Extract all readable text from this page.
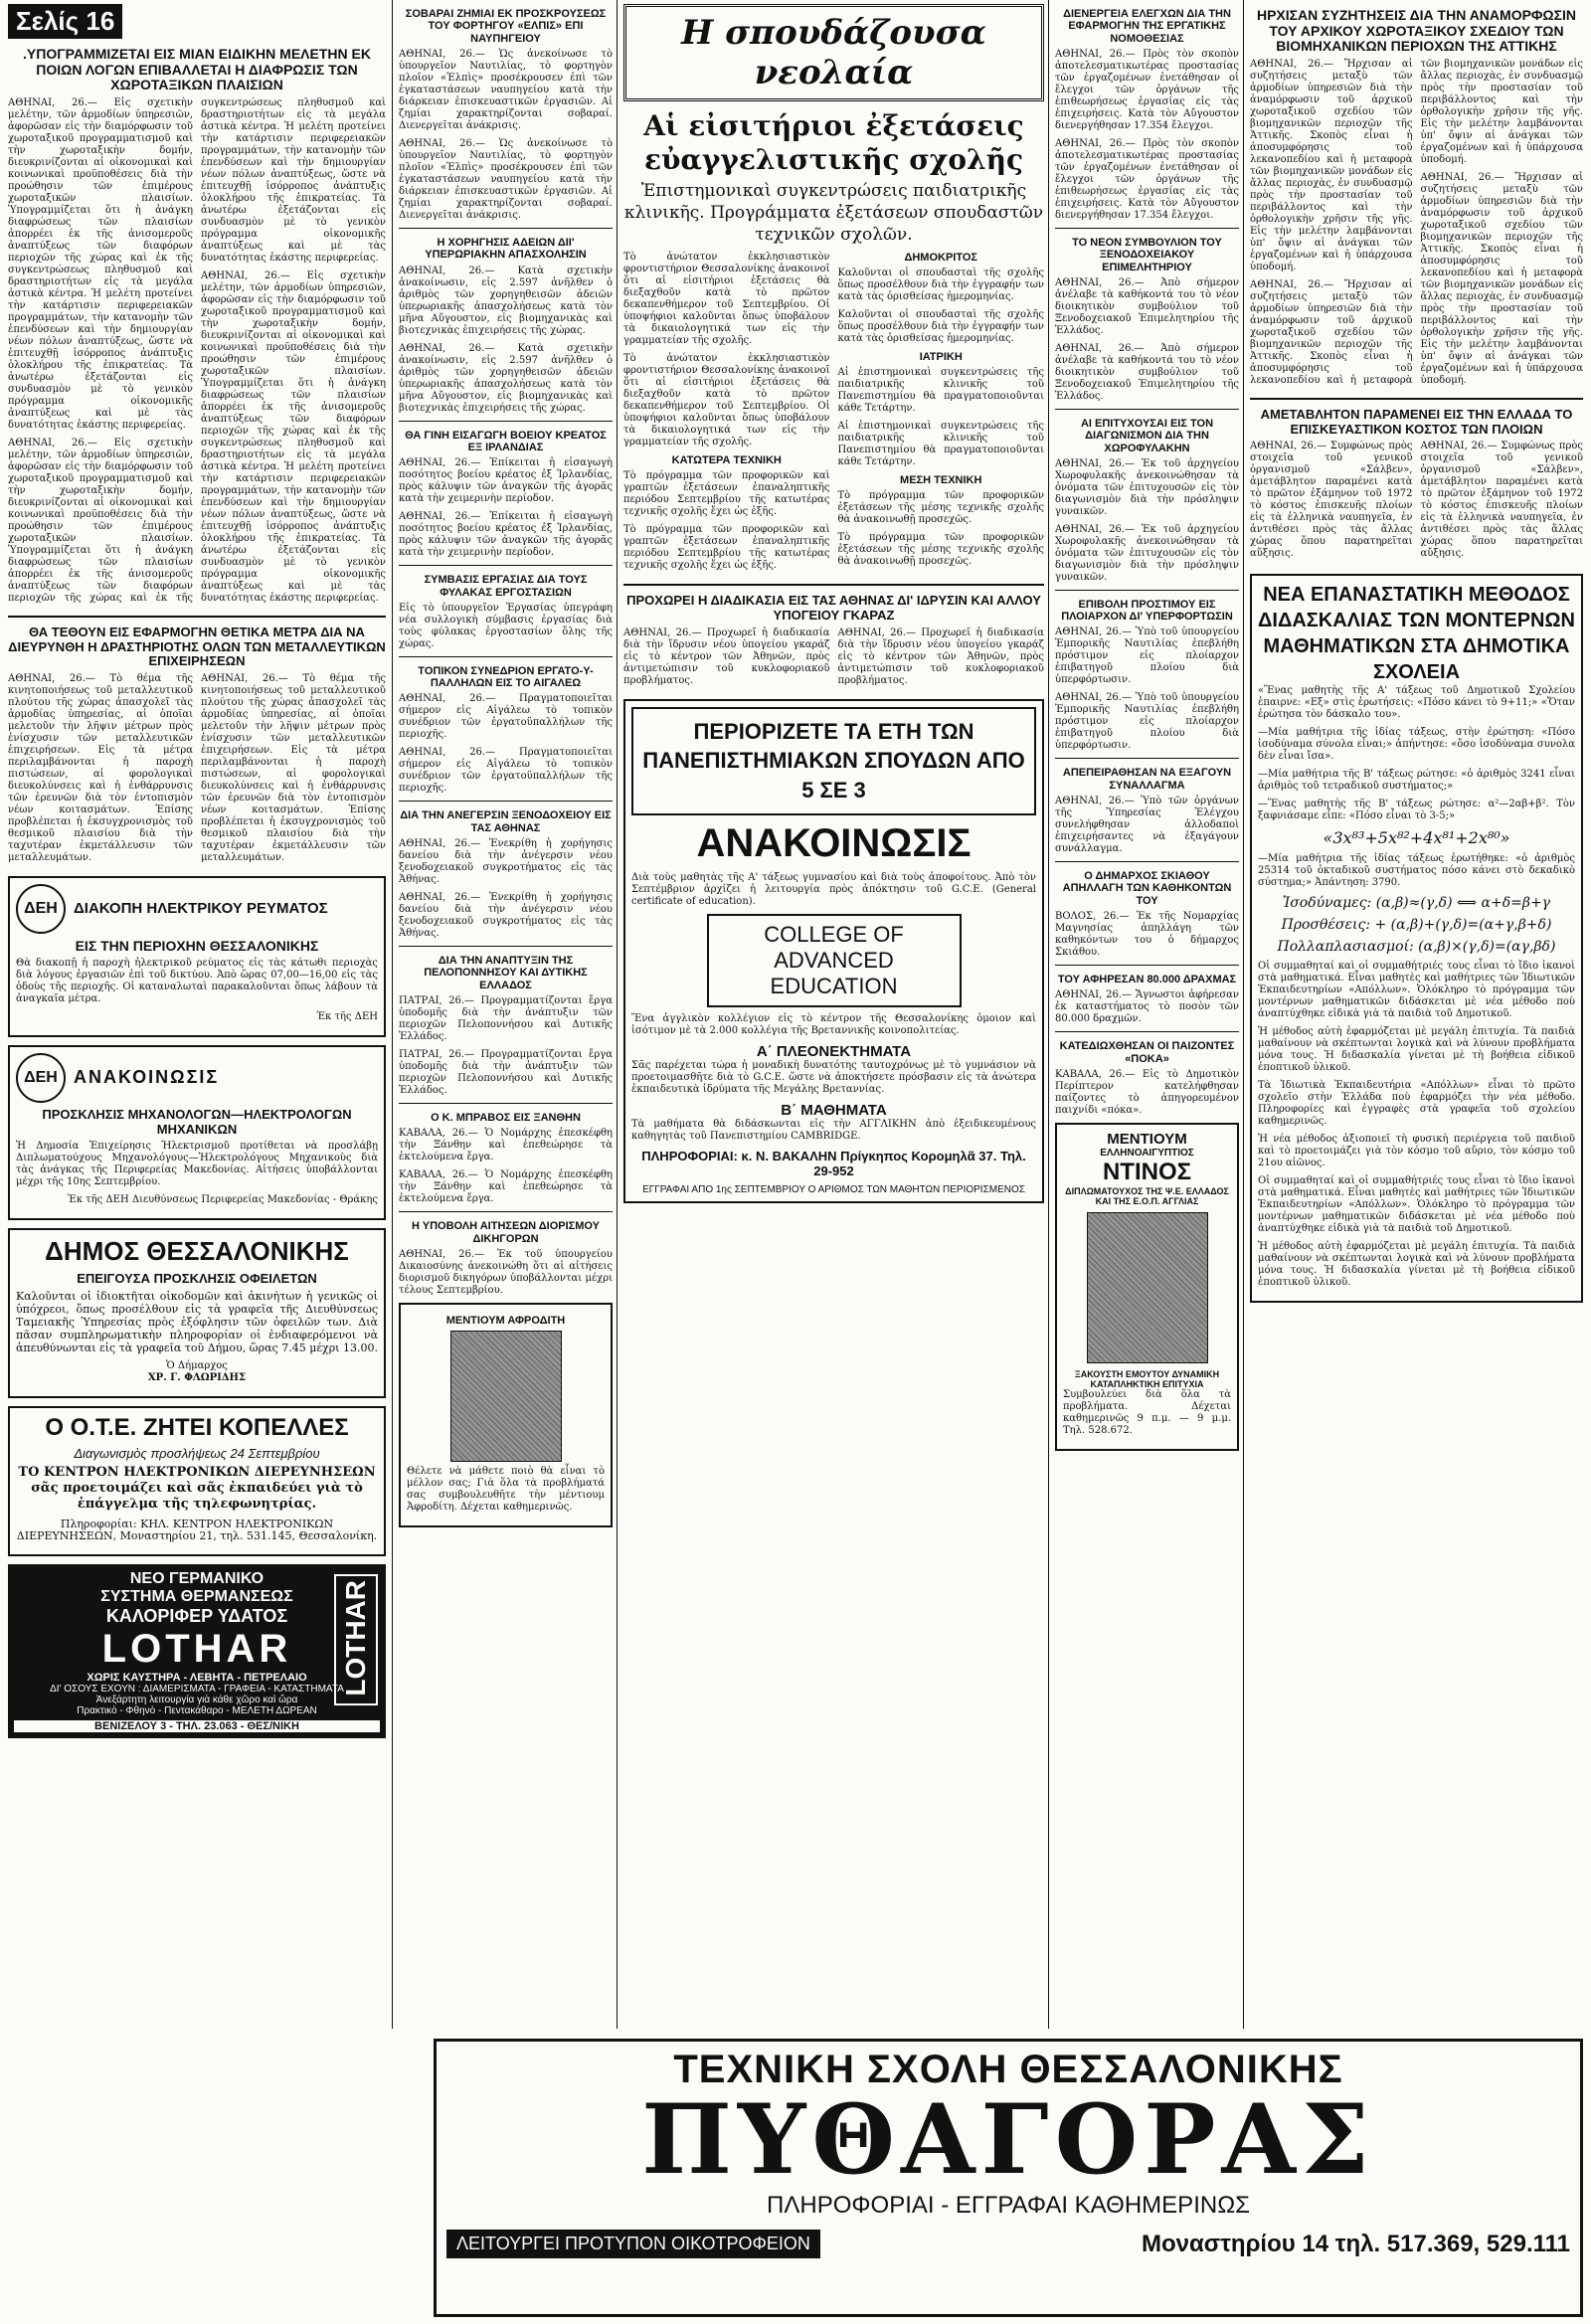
Σελίς 16
.ΥΠΟΓΡΑΜΜΙΖΕΤΑΙ ΕΙΣ ΜΙΑΝ ΕΙΔΙΚΗΝ ΜΕΛΕΤΗΝ ΕΚ ΠΟΙΩΝ ΛΟΓΩΝ ΕΠΙΒΑΛΛΕΤΑΙ Η ΔΙΑΦΡΩΣΙΣ ΤΩΝ ΧΩΡΟΤΑΞΙΚΩΝ ΠΛΑΙΣΙΩΝ

ΑΘΗΝΑΙ, 26.— Εἰς σχετικὴν μελέτην, τῶν ἁρμοδίων ὑπηρεσιῶν, ἀφορῶσαν εἰς τὴν διαμόρφωσιν τοῦ χωροταξικοῦ προγραμματισμοῦ καὶ τὴν χωροταξικὴν δομήν, διευκρινίζονται αἱ οἰκονομικαὶ καὶ κοινωνικαὶ προϋποθέσεις διὰ τὴν προώθησιν τῶν ἐπιμέρους χωροταξικῶν πλαισίων. Ὑπογραμμίζεται ὅτι ἡ ἀνάγκη διαφρώσεως τῶν πλαισίων ἀπορρέει ἐκ τῆς ἀνισομεροῦς ἀναπτύξεως τῶν διαφόρων περιοχῶν τῆς χώρας καὶ ἐκ τῆς συγκεντρώσεως πληθυσμοῦ καὶ δραστηριοτήτων εἰς τὰ μεγάλα ἀστικὰ κέντρα. Ἡ μελέτη προτείνει τὴν κατάρτισιν περιφερειακῶν προγραμμάτων, τὴν κατανομὴν τῶν ἐπενδύσεων καὶ τὴν δημιουργίαν νέων πόλων ἀναπτύξεως, ὥστε νὰ ἐπιτευχθῇ ἰσόρροπος ἀνάπτυξις ὁλοκλήρου τῆς ἐπικρατείας. Τὰ ἀνωτέρω ἐξετάζονται εἰς συνδυασμὸν μὲ τὸ γενικὸν πρόγραμμα οἰκονομικῆς ἀναπτύξεως καὶ μὲ τὰς δυνατότητας ἑκάστης περιφερείας.

ΑΘΗΝΑΙ, 26.— Εἰς σχετικὴν μελέτην, τῶν ἁρμοδίων ὑπηρεσιῶν, ἀφορῶσαν εἰς τὴν διαμόρφωσιν τοῦ χωροταξικοῦ προγραμματισμοῦ καὶ τὴν χωροταξικὴν δομήν, διευκρινίζονται αἱ οἰκονομικαὶ καὶ κοινωνικαὶ προϋποθέσεις διὰ τὴν προώθησιν τῶν ἐπιμέρους χωροταξικῶν πλαισίων. Ὑπογραμμίζεται ὅτι ἡ ἀνάγκη διαφρώσεως τῶν πλαισίων ἀπορρέει ἐκ τῆς ἀνισομεροῦς ἀναπτύξεως τῶν διαφόρων περιοχῶν τῆς χώρας καὶ ἐκ τῆς συγκεντρώσεως πληθυσμοῦ καὶ δραστηριοτήτων εἰς τὰ μεγάλα ἀστικὰ κέντρα. Ἡ μελέτη προτείνει τὴν κατάρτισιν περιφερειακῶν προγραμμάτων, τὴν κατανομὴν τῶν ἐπενδύσεων καὶ τὴν δημιουργίαν νέων πόλων ἀναπτύξεως, ὥστε νὰ ἐπιτευχθῇ ἰσόρροπος ἀνάπτυξις ὁλοκλήρου τῆς ἐπικρατείας. Τὰ ἀνωτέρω ἐξετάζονται εἰς συνδυασμὸν μὲ τὸ γενικὸν πρόγραμμα οἰκονομικῆς ἀναπτύξεως καὶ μὲ τὰς δυνατότητας ἑκάστης περιφερείας.

ΑΘΗΝΑΙ, 26.— Εἰς σχετικὴν μελέτην, τῶν ἁρμοδίων ὑπηρεσιῶν, ἀφορῶσαν εἰς τὴν διαμόρφωσιν τοῦ χωροταξικοῦ προγραμματισμοῦ καὶ τὴν χωροταξικὴν δομήν, διευκρινίζονται αἱ οἰκονομικαὶ καὶ κοινωνικαὶ προϋποθέσεις διὰ τὴν προώθησιν τῶν ἐπιμέρους χωροταξικῶν πλαισίων. Ὑπογραμμίζεται ὅτι ἡ ἀνάγκη διαφρώσεως τῶν πλαισίων ἀπορρέει ἐκ τῆς ἀνισομεροῦς ἀναπτύξεως τῶν διαφόρων περιοχῶν τῆς χώρας καὶ ἐκ τῆς συγκεντρώσεως πληθυσμοῦ καὶ δραστηριοτήτων εἰς τὰ μεγάλα ἀστικὰ κέντρα. Ἡ μελέτη προτείνει τὴν κατάρτισιν περιφερειακῶν προγραμμάτων, τὴν κατανομὴν τῶν ἐπενδύσεων καὶ τὴν δημιουργίαν νέων πόλων ἀναπτύξεως, ὥστε νὰ ἐπιτευχθῇ ἰσόρροπος ἀνάπτυξις ὁλοκλήρου τῆς ἐπικρατείας. Τὰ ἀνωτέρω ἐξετάζονται εἰς συνδυασμὸν μὲ τὸ γενικὸν πρόγραμμα οἰκονομικῆς ἀναπτύξεως καὶ μὲ τὰς δυνατότητας ἑκάστης περιφερείας.

ΘΑ ΤΕΘΟΥΝ ΕΙΣ ΕΦΑΡΜΟΓΗΝ ΘΕΤΙΚΑ ΜΕΤΡΑ ΔΙΑ ΝΑ ΔΙΕΥΡΥΝΘΗ Η ΔΡΑΣΤΗΡΙΟΤΗΣ ΟΛΩΝ ΤΩΝ ΜΕΤΑΛΛΕΥΤΙΚΩΝ ΕΠΙΧΕΙΡΗΣΕΩΝ

ΑΘΗΝΑΙ, 26.— Τὸ θέμα τῆς κινητοποιήσεως τοῦ μεταλλευτικοῦ πλούτου τῆς χώρας ἀπασχολεῖ τὰς ἁρμοδίας ὑπηρεσίας, αἱ ὁποῖαι μελετοῦν τὴν λῆψιν μέτρων πρὸς ἐνίσχυσιν τῶν μεταλλευτικῶν ἐπιχειρήσεων. Εἰς τὰ μέτρα περιλαμβάνονται ἡ παροχὴ πιστώσεων, αἱ φορολογικαὶ διευκολύνσεις καὶ ἡ ἐνθάρρυνσις τῶν ἐρευνῶν διὰ τὸν ἐντοπισμὸν νέων κοιτασμάτων. Ἐπίσης προβλέπεται ἡ ἐκσυγχρονισμὸς τοῦ θεσμικοῦ πλαισίου διὰ τὴν ταχυτέραν ἐκμετάλλευσιν τῶν μεταλλευμάτων.

ΑΘΗΝΑΙ, 26.— Τὸ θέμα τῆς κινητοποιήσεως τοῦ μεταλλευτικοῦ πλούτου τῆς χώρας ἀπασχολεῖ τὰς ἁρμοδίας ὑπηρεσίας, αἱ ὁποῖαι μελετοῦν τὴν λῆψιν μέτρων πρὸς ἐνίσχυσιν τῶν μεταλλευτικῶν ἐπιχειρήσεων. Εἰς τὰ μέτρα περιλαμβάνονται ἡ παροχὴ πιστώσεων, αἱ φορολογικαὶ διευκολύνσεις καὶ ἡ ἐνθάρρυνσις τῶν ἐρευνῶν διὰ τὸν ἐντοπισμὸν νέων κοιτασμάτων. Ἐπίσης προβλέπεται ἡ ἐκσυγχρονισμὸς τοῦ θεσμικοῦ πλαισίου διὰ τὴν ταχυτέραν ἐκμετάλλευσιν τῶν μεταλλευμάτων.

ΔΕΗ	ΔΙΑΚΟΠΗ ΗΛΕΚΤΡΙΚΟΥ ΡΕΥΜΑΤΟΣ
ΕΙΣ ΤΗΝ ΠΕΡΙΟΧΗΝ ΘΕΣΣΑΛΟΝΙΚΗΣ

Θὰ διακοπῇ ἡ παροχὴ ἠλεκτρικοῦ ρεύματος εἰς τὰς κάτωθι περιοχὰς διὰ λόγους ἐργασιῶν ἐπὶ τοῦ δικτύου. Ἀπὸ ὥρας 07,00—16,00 εἰς τὰς ὁδοὺς τῆς περιοχῆς. Οἱ καταναλωταὶ παρακαλοῦνται ὅπως λάβουν τὰ ἀναγκαῖα μέτρα.

Ἐκ τῆς ΔΕΗ

ΔΕΗ ΑΝΑΚΟΙΝΩΣΙΣ
ΠΡΟΣΚΛΗΣΙΣ ΜΗΧΑΝΟΛΟΓΩΝ—ΗΛΕΚΤΡΟΛΟΓΩΝ ΜΗΧΑΝΙΚΩΝ

Ἡ Δημοσία Ἐπιχείρησις Ἠλεκτρισμοῦ προτίθεται νὰ προσλάβῃ Διπλωματούχους Μηχανολόγους—Ἠλεκτρολόγους Μηχανικοὺς διὰ τὰς ἀνάγκας τῆς Περιφερείας Μακεδονίας. Αἰτήσεις ὑποβάλλονται μέχρι τῆς 10ης Σεπτεμβρίου.

Ἐκ τῆς ΔΕΗ Διευθύνσεως Περιφερείας Μακεδονίας - Θράκης

ΔΗΜΟΣ ΘΕΣΣΑΛΟΝΙΚΗΣ
ΕΠΕΙΓΟΥΣΑ ΠΡΟΣΚΛΗΣΙΣ ΟΦΕΙΛΕΤΩΝ

Καλοῦνται οἱ ἰδιοκτῆται οἰκοδομῶν καὶ ἀκινήτων ἡ γενικῶς οἱ ὑπόχρεοι, ὅπως προσέλθουν εἰς τὰ γραφεῖα τῆς Διευθύνσεως Ταμειακῆς Ὑπηρεσίας πρὸς ἐξόφλησιν τῶν ὀφειλῶν των. Διὰ πᾶσαν συμπληρωματικὴν πληροφορίαν οἱ ἐνδιαφερόμενοι νὰ ἀπευθύνωνται εἰς τὰ γραφεῖα τοῦ Δήμου, ὥρας 7.45 μέχρι 13.00.

Ὁ Δήμαρχος

ΧΡ. Γ. ΦΛΩΡΙΔΗΣ

Ο Ο.Τ.Ε. ΖΗΤΕΙ ΚΟΠΕΛΛΕΣ
Διαγωνισμὸς προσλήψεως 24 Σεπτεμβρίου

ΤΟ ΚΕΝΤΡΟΝ ΗΛΕΚΤΡΟΝΙΚΩΝ ΔΙΕΡΕΥΝΗΣΕΩΝ σᾶς προετοιμάζει καὶ σᾶς ἐκπαιδεύει γιὰ τὸ ἐπάγγελμα τῆς τηλεφωνητρίας.

Πληροφορίαι: ΚΗΛ. ΚΕΝΤΡΟΝ ΗΛΕΚΤΡΟΝΙΚΩΝ ΔΙΕΡΕΥΝΗΣΕΩΝ, Μοναστηρίου 21, τηλ. 531.145, Θεσσαλονίκη.

ΝΕΟ ΓΕΡΜΑΝΙΚΟ
ΣΥΣΤΗΜΑ ΘΕΡΜΑΝΣΕΩΣ
ΚΑΛΟΡΙΦΕΡ ΥΔΑΤΟΣ
LOTHAR
ΧΩΡΙΣ ΚΑΥΣΤΗΡΑ - ΛΕΒΗΤΑ - ΠΕΤΡΕΛΑΙΟ
ΔΙ' ΟΣΟΥΣ ΕΧΟΥΝ : ΔΙΑΜΕΡΙΣΜΑΤΑ - ΓΡΑΦΕΙΑ - ΚΑΤΑΣΤΗΜΑΤΑ
Ἀνεξάρτητη λειτουργία γιὰ κάθε χῶρο καὶ ὥρα
Πρακτικὸ - Φθηνὸ - Πεντακάθαρο - ΜΕΛΕΤΗ ΔΩΡΕΑΝ
ΒΕΝΙΖΕΛΟΥ 3 - ΤΗΛ. 23.063 - ΘΕΣ/ΝΙΚΗ
LOTHAR
ΣΟΒΑΡΑΙ ΖΗΜΙΑΙ ΕΚ ΠΡΟΣΚΡΟΥΣΕΩΣ ΤΟΥ ΦΟΡΤΗΓΟΥ «ΕΛΠΙΣ» ΕΠΙ ΝΑΥΠΗΓΕΙΟΥ

ΑΘΗΝΑΙ, 26.— Ὡς ἀνεκοίνωσε τὸ ὑπουργεῖον Ναυτιλίας, τὸ φορτηγὸν πλοῖον «Ἐλπὶς» προσέκρουσεν ἐπὶ τῶν ἐγκαταστάσεων ναυπηγείου κατὰ τὴν διάρκειαν ἐπισκευαστικῶν ἐργασιῶν. Αἱ ζημίαι χαρακτηρίζονται σοβαραί. Διενεργεῖται ἀνάκρισις.

ΑΘΗΝΑΙ, 26.— Ὡς ἀνεκοίνωσε τὸ ὑπουργεῖον Ναυτιλίας, τὸ φορτηγὸν πλοῖον «Ἐλπὶς» προσέκρουσεν ἐπὶ τῶν ἐγκαταστάσεων ναυπηγείου κατὰ τὴν διάρκειαν ἐπισκευαστικῶν ἐργασιῶν. Αἱ ζημίαι χαρακτηρίζονται σοβαραί. Διενεργεῖται ἀνάκρισις.

Η ΧΟΡΗΓΗΣΙΣ ΑΔΕΙΩΝ ΔΙΙ' ΥΠΕΡΩΡΙΑΚΗΝ ΑΠΑΣΧΟΛΗΣΙΝ

ΑΘΗΝΑΙ, 26.— Κατὰ σχετικὴν ἀνακοίνωσιν, εἰς 2.597 ἀνῆλθεν ὁ ἀριθμὸς τῶν χορηγηθεισῶν ἀδειῶν ὑπερωριακῆς ἀπασχολήσεως κατὰ τὸν μῆνα Αὔγουστον, εἰς βιομηχανικὰς καὶ βιοτεχνικὰς ἐπιχειρήσεις τῆς χώρας.

ΑΘΗΝΑΙ, 26.— Κατὰ σχετικὴν ἀνακοίνωσιν, εἰς 2.597 ἀνῆλθεν ὁ ἀριθμὸς τῶν χορηγηθεισῶν ἀδειῶν ὑπερωριακῆς ἀπασχολήσεως κατὰ τὸν μῆνα Αὔγουστον, εἰς βιομηχανικὰς καὶ βιοτεχνικὰς ἐπιχειρήσεις τῆς χώρας.

ΘΑ ΓΙΝΗ ΕΙΣΑΓΩΓΗ ΒΟΕΙΟΥ ΚΡΕΑΤΟΣ ΕΞ ΙΡΛΑΝΔΙΑΣ

ΑΘΗΝΑΙ, 26.— Ἐπίκειται ἡ εἰσαγωγὴ ποσότητος βοείου κρέατος ἐξ Ἰρλανδίας, πρὸς κάλυψιν τῶν ἀναγκῶν τῆς ἀγορᾶς κατὰ τὴν χειμερινὴν περίοδον.

ΑΘΗΝΑΙ, 26.— Ἐπίκειται ἡ εἰσαγωγὴ ποσότητος βοείου κρέατος ἐξ Ἰρλανδίας, πρὸς κάλυψιν τῶν ἀναγκῶν τῆς ἀγορᾶς κατὰ τὴν χειμερινὴν περίοδον.

ΣΥΜΒΑΣΙΣ ΕΡΓΑΣΙΑΣ ΔΙΑ ΤΟΥΣ ΦΥΛΑΚΑΣ ΕΡΓΟΣΤΑΣΙΩΝ

Εἰς τὸ ὑπουργεῖον Ἐργασίας ὑπεγράφη νέα συλλογικὴ σύμβασις ἐργασίας διὰ τοὺς φύλακας ἐργοστασίων ὅλης τῆς χώρας.

ΤΟΠΙΚΟΝ ΣΥΝΕΔΡΙΟΝ ΕΡΓΑΤΟ-Υ-ΠΑΛΛΗΛΩΝ ΕΙΣ ΤΟ ΑΙΓΑΛΕΩ

ΑΘΗΝΑΙ, 26.— Πραγματοποιεῖται σήμερον εἰς Αἰγάλεω τὸ τοπικὸν συνέδριον τῶν ἐργατοϋπαλλήλων τῆς περιοχῆς.

ΑΘΗΝΑΙ, 26.— Πραγματοποιεῖται σήμερον εἰς Αἰγάλεω τὸ τοπικὸν συνέδριον τῶν ἐργατοϋπαλλήλων τῆς περιοχῆς.

ΔΙΑ ΤΗΝ ΑΝΕΓΕΡΣΙΝ ΞΕΝΟΔΟΧΕΙΟΥ ΕΙΣ ΤΑΣ ΑΘΗΝΑΣ

ΑΘΗΝΑΙ, 26.— Ἐνεκρίθη ἡ χορήγησις δανείου διὰ τὴν ἀνέγερσιν νέου ξενοδοχειακοῦ συγκροτήματος εἰς τὰς Ἀθήνας.

ΑΘΗΝΑΙ, 26.— Ἐνεκρίθη ἡ χορήγησις δανείου διὰ τὴν ἀνέγερσιν νέου ξενοδοχειακοῦ συγκροτήματος εἰς τὰς Ἀθήνας.

ΔΙΑ ΤΗΝ ΑΝΑΠΤΥΞΙΝ ΤΗΣ ΠΕΛΟΠΟΝΝΗΣΟΥ ΚΑΙ ΔΥΤΙΚΗΣ ΕΛΛΑΔΟΣ

ΠΑΤΡΑΙ, 26.— Προγραμματίζονται ἔργα ὑποδομῆς διὰ τὴν ἀνάπτυξιν τῶν περιοχῶν Πελοποννήσου καὶ Δυτικῆς Ἑλλάδος.

ΠΑΤΡΑΙ, 26.— Προγραμματίζονται ἔργα ὑποδομῆς διὰ τὴν ἀνάπτυξιν τῶν περιοχῶν Πελοποννήσου καὶ Δυτικῆς Ἑλλάδος.

Ο Κ. ΜΠΡΑΒΟΣ ΕΙΣ ΞΑΝΘΗΝ

ΚΑΒΑΛΑ, 26.— Ὁ Νομάρχης ἐπεσκέφθη τὴν Ξάνθην καὶ ἐπεθεώρησε τὰ ἐκτελούμενα ἔργα.

ΚΑΒΑΛΑ, 26.— Ὁ Νομάρχης ἐπεσκέφθη τὴν Ξάνθην καὶ ἐπεθεώρησε τὰ ἐκτελούμενα ἔργα.

Η ΥΠΟΒΟΛΗ ΑΙΤΗΣΕΩΝ ΔΙΟΡΙΣΜΟΥ ΔΙΚΗΓΟΡΩΝ

ΑΘΗΝΑΙ, 26.— Ἐκ τοῦ ὑπουργείου Δικαιοσύνης ἀνεκοινώθη ὅτι αἱ αἰτήσεις διορισμοῦ δικηγόρων ὑποβάλλονται μέχρι τέλους Σεπτεμβρίου.

ΜΕΝΤΙΟΥΜ ΑΦΡΟΔΙΤΗ

Θέλετε νὰ μάθετε ποιὸ θὰ εἶναι τὸ μέλλον σας; Γιὰ ὅλα τὰ προβλήματά σας συμβουλευθῆτε τὴν μέντιουμ Ἀφροδίτη. Δέχεται καθημερινῶς.

Η σπουδάζουσα νεολαία
Αἱ εἰσιτήριοι ἐξετάσεις εὐαγγελιστικῆς σχολῆς
Ἐπιστημονικαὶ συγκεντρώσεις παιδιατρικῆς κλινικῆς. Προγράμματα ἐξετάσεων σπουδαστῶν τεχνικῶν σχολῶν.

Τὸ ἀνώτατον ἐκκλησιαστικὸν φροντιστήριον Θεσσαλονίκης ἀνακοινοῖ ὅτι αἱ εἰσιτήριοι ἐξετάσεις θὰ διεξαχθοῦν κατὰ τὸ πρῶτον δεκαπενθήμερον τοῦ Σεπτεμβρίου. Οἱ ὑποψήφιοι καλοῦνται ὅπως ὑποβάλουν τὰ δικαιολογητικά των εἰς τὴν γραμματείαν τῆς σχολῆς.

Τὸ ἀνώτατον ἐκκλησιαστικὸν φροντιστήριον Θεσσαλονίκης ἀνακοινοῖ ὅτι αἱ εἰσιτήριοι ἐξετάσεις θὰ διεξαχθοῦν κατὰ τὸ πρῶτον δεκαπενθήμερον τοῦ Σεπτεμβρίου. Οἱ ὑποψήφιοι καλοῦνται ὅπως ὑποβάλουν τὰ δικαιολογητικά των εἰς τὴν γραμματείαν τῆς σχολῆς.

ΚΑΤΩΤΕΡΑ ΤΕΧΝΙΚΗ

Τὸ πρόγραμμα τῶν προφορικῶν καὶ γραπτῶν ἐξετάσεων ἐπαναληπτικῆς περιόδου Σεπτεμβρίου τῆς κατωτέρας τεχνικῆς σχολῆς ἔχει ὡς ἑξῆς.

Τὸ πρόγραμμα τῶν προφορικῶν καὶ γραπτῶν ἐξετάσεων ἐπαναληπτικῆς περιόδου Σεπτεμβρίου τῆς κατωτέρας τεχνικῆς σχολῆς ἔχει ὡς ἑξῆς.

ΔΗΜΟΚΡΙΤΟΣ

Καλοῦνται οἱ σπουδασταὶ τῆς σχολῆς ὅπως προσέλθουν διὰ τὴν ἐγγραφήν των κατὰ τὰς ὁρισθείσας ἡμερομηνίας.

Καλοῦνται οἱ σπουδασταὶ τῆς σχολῆς ὅπως προσέλθουν διὰ τὴν ἐγγραφήν των κατὰ τὰς ὁρισθείσας ἡμερομηνίας.

ΙΑΤΡΙΚΗ

Αἱ ἐπιστημονικαὶ συγκεντρώσεις τῆς παιδιατρικῆς κλινικῆς τοῦ Πανεπιστημίου θὰ πραγματοποιοῦνται κάθε Τετάρτην.

Αἱ ἐπιστημονικαὶ συγκεντρώσεις τῆς παιδιατρικῆς κλινικῆς τοῦ Πανεπιστημίου θὰ πραγματοποιοῦνται κάθε Τετάρτην.

ΜΕΣΗ ΤΕΧΝΙΚΗ

Τὸ πρόγραμμα τῶν προφορικῶν ἐξετάσεων τῆς μέσης τεχνικῆς σχολῆς θὰ ἀνακοινωθῇ προσεχῶς.

Τὸ πρόγραμμα τῶν προφορικῶν ἐξετάσεων τῆς μέσης τεχνικῆς σχολῆς θὰ ἀνακοινωθῇ προσεχῶς.

ΠΡΟΧΩΡΕΙ Η ΔΙΑΔΙΚΑΣΙΑ ΕΙΣ ΤΑΣ ΑΘΗΝΑΣ ΔΙ' ΙΔΡΥΣΙΝ ΚΑΙ ΑΛΛΟΥ ΥΠΟΓΕΙΟΥ ΓΚΑΡΑΖ

ΑΘΗΝΑΙ, 26.— Προχωρεῖ ἡ διαδικασία διὰ τὴν ἵδρυσιν νέου ὑπογείου γκαράζ εἰς τὸ κέντρον τῶν Ἀθηνῶν, πρὸς ἀντιμετώπισιν τοῦ κυκλοφοριακοῦ προβλήματος.

ΑΘΗΝΑΙ, 26.— Προχωρεῖ ἡ διαδικασία διὰ τὴν ἵδρυσιν νέου ὑπογείου γκαράζ εἰς τὸ κέντρον τῶν Ἀθηνῶν, πρὸς ἀντιμετώπισιν τοῦ κυκλοφοριακοῦ προβλήματος.

ΠΕΡΙΟΡΙΖΕΤΕ ΤΑ ΕΤΗ ΤΩΝ ΠΑΝΕΠΙΣΤΗΜΙΑΚΩΝ ΣΠΟΥΔΩΝ ΑΠΟ 5 ΣΕ 3
ΑΝΑΚΟΙΝΩΣΙΣ

Διὰ τοὺς μαθητὰς τῆς Α' τάξεως γυμνασίου καὶ διὰ τοὺς ἀποφοίτους. Ἀπὸ τὸν Σεπτέμβριον ἀρχίζει ἡ λειτουργία πρὸς ἀπόκτησιν τοῦ G.C.E. (General certificate of education).

COLLEGE OF
ADVANCED EDUCATION

Ἕνα ἀγγλικὸν κολλέγιον εἰς τὸ κέντρον τῆς Θεσσαλονίκης ὁμοιον καὶ ἰσότιμον μὲ τὰ 2.000 κολλέγια τῆς Βρεταννικῆς κοινοπολιτείας.

Α΄ ΠΛΕΟΝΕΚΤΗΜΑΤΑ

Σᾶς παρέχεται τώρα ἡ μοναδικὴ δυνατότης ταυτοχρόνως μὲ τὸ γυμνάσιον νὰ προετοιμασθῆτε διὰ τὸ G.C.E. ὥστε νὰ ἀποκτήσετε πρόσβασιν εἰς τὰ ἀνώτερα ἐκπαιδευτικὰ ἱδρύματα τῆς Μεγάλης Βρεταννίας.

Β΄ ΜΑΘΗΜΑΤΑ

Τὰ μαθήματα θὰ διδάσκωνται εἰς τὴν ΑΓΓΛΙΚΗΝ ἀπὸ ἐξειδικευμένους καθηγητὰς τοῦ Πανεπιστημίου CAMBRIDGE.

ΠΛΗΡΟΦΟΡΙΑΙ: κ. Ν. ΒΑΚΑΛΗΝ Πρίγκηπος Κορομηλᾶ 37. Τηλ. 29-952
ΕΓΓΡΑΦΑΙ ΑΠΟ 1ης ΣΕΠΤΕΜΒΡΙΟΥ Ο ΑΡΙΘΜΟΣ ΤΩΝ ΜΑΘΗΤΩΝ ΠΕΡΙΟΡΙΣΜΕΝΟΣ
ΔΙΕΝΕΡΓΕΙΑ ΕΛΕΓΧΩΝ ΔΙΑ ΤΗΝ ΕΦΑΡΜΟΓΗΝ ΤΗΣ ΕΡΓΑΤΙΚΗΣ ΝΟΜΟΘΕΣΙΑΣ

ΑΘΗΝΑΙ, 26.— Πρὸς τὸν σκοπὸν ἀποτελεσματικωτέρας προστασίας τῶν ἐργαζομένων ἐνετάθησαν οἱ ἔλεγχοι τῶν ὀργάνων τῆς ἐπιθεωρήσεως ἐργασίας εἰς τὰς ἐπιχειρήσεις. Κατὰ τὸν Αὔγουστον διενεργήθησαν 17.354 ἔλεγχοι.

ΑΘΗΝΑΙ, 26.— Πρὸς τὸν σκοπὸν ἀποτελεσματικωτέρας προστασίας τῶν ἐργαζομένων ἐνετάθησαν οἱ ἔλεγχοι τῶν ὀργάνων τῆς ἐπιθεωρήσεως ἐργασίας εἰς τὰς ἐπιχειρήσεις. Κατὰ τὸν Αὔγουστον διενεργήθησαν 17.354 ἔλεγχοι.

ΤΟ ΝΕΟΝ ΣΥΜΒΟΥΛΙΟΝ ΤΟΥ ΞΕΝΟΔΟΧΕΙΑΚΟΥ ΕΠΙΜΕΛΗΤΗΡΙΟΥ

ΑΘΗΝΑΙ, 26.— Ἀπὸ σήμερον ἀνέλαβε τὰ καθήκοντά του τὸ νέον διοικητικὸν συμβούλιον τοῦ Ξενοδοχειακοῦ Ἐπιμελητηρίου τῆς Ἑλλάδος.

ΑΘΗΝΑΙ, 26.— Ἀπὸ σήμερον ἀνέλαβε τὰ καθήκοντά του τὸ νέον διοικητικὸν συμβούλιον τοῦ Ξενοδοχειακοῦ Ἐπιμελητηρίου τῆς Ἑλλάδος.

ΑΙ ΕΠΙΤΥΧΟΥΣΑΙ ΕΙΣ ΤΟΝ ΔΙΑΓΩΝΙΣΜΟΝ ΔΙΑ ΤΗΝ ΧΩΡΟΦΥΛΑΚΗΝ

ΑΘΗΝΑΙ, 26.— Ἐκ τοῦ ἀρχηγείου Χωροφυλακῆς ἀνεκοινώθησαν τὰ ὀνόματα τῶν ἐπιτυχουσῶν εἰς τὸν διαγωνισμὸν διὰ τὴν πρόσληψιν γυναικῶν.

ΑΘΗΝΑΙ, 26.— Ἐκ τοῦ ἀρχηγείου Χωροφυλακῆς ἀνεκοινώθησαν τὰ ὀνόματα τῶν ἐπιτυχουσῶν εἰς τὸν διαγωνισμὸν διὰ τὴν πρόσληψιν γυναικῶν.

ΕΠΙΒΟΛΗ ΠΡΟΣΤΙΜΟΥ ΕΙΣ ΠΛΟΙΑΡΧΟΝ ΔΙ' ΥΠΕΡΦΟΡΤΩΣΙΝ

ΑΘΗΝΑΙ, 26.— Ὑπὸ τοῦ ὑπουργείου Ἐμπορικῆς Ναυτιλίας ἐπεβλήθη πρόστιμον εἰς πλοίαρχον ἐπιβατηγοῦ πλοίου διὰ ὑπερφόρτωσιν.

ΑΘΗΝΑΙ, 26.— Ὑπὸ τοῦ ὑπουργείου Ἐμπορικῆς Ναυτιλίας ἐπεβλήθη πρόστιμον εἰς πλοίαρχον ἐπιβατηγοῦ πλοίου διὰ ὑπερφόρτωσιν.

ΑΠΕΠΕΙΡΑΘΗΣΑΝ ΝΑ ΕΞΑΓΟΥΝ ΣΥΝΑΛΛΑΓΜΑ

ΑΘΗΝΑΙ, 26.— Ὑπὸ τῶν ὀργάνων τῆς Ὑπηρεσίας Ἐλέγχου συνελήφθησαν ἀλλοδαποὶ ἐπιχειρήσαντες νὰ ἐξαγάγουν συνάλλαγμα.

Ο ΔΗΜΑΡΧΟΣ ΣΚΙΑΘΟΥ ΑΠΗΛΛΑΓΗ ΤΩΝ ΚΑΘΗΚΟΝΤΩΝ ΤΟΥ

ΒΟΛΟΣ, 26.— Ἐκ τῆς Νομαρχίας Μαγνησίας ἀπηλλάγη τῶν καθηκόντων του ὁ δήμαρχος Σκιάθου.

ΤΟΥ ΑΦΗΡΕΣΑΝ 80.000 ΔΡΑΧΜΑΣ

ΑΘΗΝΑΙ, 26.— Ἄγνωστοι ἀφήρεσαν ἐκ καταστήματος τὸ ποσὸν τῶν 80.000 δραχμῶν.

ΚΑΤΕΔΙΩΧΘΗΣΑΝ ΟΙ ΠΑΙΖΟΝΤΕΣ «ΠΟΚΑ»

ΚΑΒΑΛΑ, 26.— Εἰς τὸ Δημοτικὸν Περίπτερον κατελήφθησαν παίζοντες τὸ ἀπηγορευμένον παιχνίδι «πόκα».

ΜΕΝΤΙΟΥΜ
ΕΛΛΗΝΟΑΙΓΥΠΤΙΟΣ
ΝΤΙΝΟΣ
ΔΙΠΛΩΜΑΤΟΥΧΟΣ ΤΗΣ Ψ.Ε. ΕΛΛΑΔΟΣ ΚΑΙ ΤΗΣ Ε.Ο.Π. ΑΓΓΛΙΑΣ
ΞΑΚΟΥΣΤΗ ΕΜΟΥΤΟΥ ΔΥΝΑΜΙΚΗ ΚΑΤΑΠΛΗΚΤΙΚΗ ΕΠΙΤΥΧΙΑ

Συμβουλεύει διὰ ὅλα τὰ προβλήματα. Δέχεται καθημερινῶς 9 π.μ. — 9 μ.μ. Τηλ. 528.672.

ΗΡΧΙΣΑΝ ΣΥΖΗΤΗΣΕΙΣ ΔΙΑ ΤΗΝ ΑΝΑΜΟΡΦΩΣΙΝ ΤΟΥ ΑΡΧΙΚΟΥ ΧΩΡΟΤΑΞΙΚΟΥ ΣΧΕΔΙΟΥ ΤΩΝ ΒΙΟΜΗΧΑΝΙΚΩΝ ΠΕΡΙΟΧΩΝ ΤΗΣ ΑΤΤΙΚΗΣ

ΑΘΗΝΑΙ, 26.— Ἤρχισαν αἱ συζητήσεις μεταξὺ τῶν ἁρμοδίων ὑπηρεσιῶν διὰ τὴν ἀναμόρφωσιν τοῦ ἀρχικοῦ χωροταξικοῦ σχεδίου τῶν βιομηχανικῶν περιοχῶν τῆς Ἀττικῆς. Σκοπὸς εἶναι ἡ ἀποσυμφόρησις τοῦ λεκανοπεδίου καὶ ἡ μεταφορὰ τῶν βιομηχανικῶν μονάδων εἰς ἄλλας περιοχὰς, ἐν συνδυασμῷ πρὸς τὴν προστασίαν τοῦ περιβάλλοντος καὶ τὴν ὀρθολογικὴν χρῆσιν τῆς γῆς. Εἰς τὴν μελέτην λαμβάνονται ὑπ' ὄψιν αἱ ἀνάγκαι τῶν ἐργαζομένων καὶ ἡ ὑπάρχουσα ὑποδομή.

ΑΘΗΝΑΙ, 26.— Ἤρχισαν αἱ συζητήσεις μεταξὺ τῶν ἁρμοδίων ὑπηρεσιῶν διὰ τὴν ἀναμόρφωσιν τοῦ ἀρχικοῦ χωροταξικοῦ σχεδίου τῶν βιομηχανικῶν περιοχῶν τῆς Ἀττικῆς. Σκοπὸς εἶναι ἡ ἀποσυμφόρησις τοῦ λεκανοπεδίου καὶ ἡ μεταφορὰ τῶν βιομηχανικῶν μονάδων εἰς ἄλλας περιοχὰς, ἐν συνδυασμῷ πρὸς τὴν προστασίαν τοῦ περιβάλλοντος καὶ τὴν ὀρθολογικὴν χρῆσιν τῆς γῆς. Εἰς τὴν μελέτην λαμβάνονται ὑπ' ὄψιν αἱ ἀνάγκαι τῶν ἐργαζομένων καὶ ἡ ὑπάρχουσα ὑποδομή.

ΑΘΗΝΑΙ, 26.— Ἤρχισαν αἱ συζητήσεις μεταξὺ τῶν ἁρμοδίων ὑπηρεσιῶν διὰ τὴν ἀναμόρφωσιν τοῦ ἀρχικοῦ χωροταξικοῦ σχεδίου τῶν βιομηχανικῶν περιοχῶν τῆς Ἀττικῆς. Σκοπὸς εἶναι ἡ ἀποσυμφόρησις τοῦ λεκανοπεδίου καὶ ἡ μεταφορὰ τῶν βιομηχανικῶν μονάδων εἰς ἄλλας περιοχὰς, ἐν συνδυασμῷ πρὸς τὴν προστασίαν τοῦ περιβάλλοντος καὶ τὴν ὀρθολογικὴν χρῆσιν τῆς γῆς. Εἰς τὴν μελέτην λαμβάνονται ὑπ' ὄψιν αἱ ἀνάγκαι τῶν ἐργαζομένων καὶ ἡ ὑπάρχουσα ὑποδομή.

ΑΜΕΤΑΒΛΗΤΟΝ ΠΑΡΑΜΕΝΕΙ ΕΙΣ ΤΗΝ ΕΛΛΑΔΑ ΤΟ ΕΠΙΣΚΕΥΑΣΤΙΚΟΝ ΚΟΣΤΟΣ ΤΩΝ ΠΛΟΙΩΝ

ΑΘΗΝΑΙ, 26.— Συμφώνως πρὸς στοιχεῖα τοῦ γενικοῦ ὀργανισμοῦ «Σάλβεν», ἀμετάβλητον παραμένει κατὰ τὸ πρῶτον ἑξάμηνον τοῦ 1972 τὸ κόστος ἐπισκευῆς πλοίων εἰς τὰ ἑλληνικὰ ναυπηγεῖα, ἐν ἀντιθέσει πρὸς τὰς ἄλλας χώρας ὅπου παρατηρεῖται αὔξησις.

ΑΘΗΝΑΙ, 26.— Συμφώνως πρὸς στοιχεῖα τοῦ γενικοῦ ὀργανισμοῦ «Σάλβεν», ἀμετάβλητον παραμένει κατὰ τὸ πρῶτον ἑξάμηνον τοῦ 1972 τὸ κόστος ἐπισκευῆς πλοίων εἰς τὰ ἑλληνικὰ ναυπηγεῖα, ἐν ἀντιθέσει πρὸς τὰς ἄλλας χώρας ὅπου παρατηρεῖται αὔξησις.

ΝΕΑ ΕΠΑΝΑΣΤΑΤΙΚΗ ΜΕΘΟΔΟΣ ΔΙΔΑΣΚΑΛΙΑΣ ΤΩΝ ΜΟΝΤΕΡΝΩΝ ΜΑΘΗΜΑΤΙΚΩΝ ΣΤΑ ΔΗΜΟΤΙΚΑ ΣΧΟΛΕΙΑ

«Ἕνας μαθητὴς τῆς Α' τάξεως τοῦ Δημοτικοῦ Σχολείου ἐπαιρνε: «Εξ» στὶς ἐρωτήσεις: «Πόσο κάνει τὸ 9+11;» «Ὅταν ἐρώτησα τὸν δάσκαλο του».

—Μία μαθήτρια τῆς ἰδίας τάξεως, στὴν ἐρώτηση: «Πόσο ἰσοδύναμα σύνολα εἶναι;» ἀπήντησε: «ὅσο ἰσοδύναμα συνολα δὲν εἶναι ἴσα».

—Μία μαθήτρια τῆς Β' τάξεως ρώτησε: «ὁ ἀριθμὸς 3241 εἶναι ἀριθμὸς τοῦ τετραδικοῦ συστήματος;»

—Ἕνας μαθητὴς τῆς Β' τάξεως ρώτησε: α²—2αβ+β². Τὸν ξαφνιάσαμε εἶπε: «Πόσο εἶναι τὸ 3-5;»

«3x⁸³+5x⁸²+4x⁸¹+2x⁸⁰»

—Μία μαθήτρια τῆς ἰδίας τάξεως ἐρωτήθηκε: «ὁ ἀριθμὸς 25314 τοῦ ὀκταδικοῦ συστήματος πόσο κάνει στὸ δεκαδικὸ σύστημα;» Ἀπάντηση: 3790.

Ἰσοδύναμες: (α,β)≈(γ,δ) ⟺ α+δ=β+γ
Προσθέσεις: + (α,β)+(γ,δ)=(α+γ,β+δ)
Πολλαπλασιασμοί: (α,β)×(γ,δ)=(αγ,βδ)

Οἱ συμμαθηταί καὶ οἱ συμμαθήτριές τους εἶναι τὸ ἴδιο ἱκανοὶ στὰ μαθηματικά. Εἶναι μαθητὲς καὶ μαθήτριες τῶν Ἰδιωτικῶν Ἐκπαιδευτηρίων «Απόλλων». Ὁλόκληρο τὸ πρόγραμμα τῶν μοντέρνων μαθηματικῶν διδάσκεται μὲ νέα μέθοδο ποὺ ἀναπτύχθηκε εἰδικὰ γιὰ τὰ παιδιὰ τοῦ Δημοτικοῦ.

Ἡ μέθοδος αὐτὴ ἐφαρμόζεται μὲ μεγάλη ἐπιτυχία. Τὰ παιδιὰ μαθαίνουν νὰ σκέπτωνται λογικὰ καὶ νὰ λύνουν προβλήματα μόνα τους. Ἡ διδασκαλία γίνεται μὲ τὴ βοήθεια εἰδικοῦ ἐποπτικοῦ ὑλικοῦ.

Τὰ Ἰδιωτικὰ Ἐκπαιδευτήρια «Απόλλων» εἶναι τὸ πρῶτο σχολεῖο στὴν Ἑλλάδα ποὺ ἐφαρμόζει τὴν νέα μέθοδο. Πληροφορίες καὶ ἐγγραφὲς στὰ γραφεῖα τοῦ σχολείου καθημερινῶς.

Ἡ νέα μέθοδος ἀξιοποιεῖ τὴ φυσικὴ περιέργεια τοῦ παιδιοῦ καὶ τὸ προετοιμάζει γιὰ τὸν κόσμο τοῦ αὔριο, τὸν κόσμο τοῦ 21ου αἰῶνος.

Οἱ συμμαθηταί καὶ οἱ συμμαθήτριές τους εἶναι τὸ ἴδιο ἱκανοὶ στὰ μαθηματικά. Εἶναι μαθητὲς καὶ μαθήτριες τῶν Ἰδιωτικῶν Ἐκπαιδευτηρίων «Απόλλων». Ὁλόκληρο τὸ πρόγραμμα τῶν μοντέρνων μαθηματικῶν διδάσκεται μὲ νέα μέθοδο ποὺ ἀναπτύχθηκε εἰδικὰ γιὰ τὰ παιδιὰ τοῦ Δημοτικοῦ.

Ἡ μέθοδος αὐτὴ ἐφαρμόζεται μὲ μεγάλη ἐπιτυχία. Τὰ παιδιὰ μαθαίνουν νὰ σκέπτωνται λογικὰ καὶ νὰ λύνουν προβλήματα μόνα τους. Ἡ διδασκαλία γίνεται μὲ τὴ βοήθεια εἰδικοῦ ἐποπτικοῦ ὑλικοῦ.

ΤΕΧΝΙΚΗ ΣΧΟΛΗ ΘΕΣΣΑΛΟΝΙΚΗΣ
ΠΥΘΑΓΟΡΑΣ
ΠΛΗΡΟΦΟΡΙΑΙ - ΕΓΓΡΑΦΑΙ ΚΑΘΗΜΕΡΙΝΩΣ
ΛΕΙΤΟΥΡΓΕΙ ΠΡΟΤΥΠΟΝ ΟΙΚΟΤΡΟΦΕΙΟΝ	Μοναστηρίου 14 τηλ. 517.369, 529.111
